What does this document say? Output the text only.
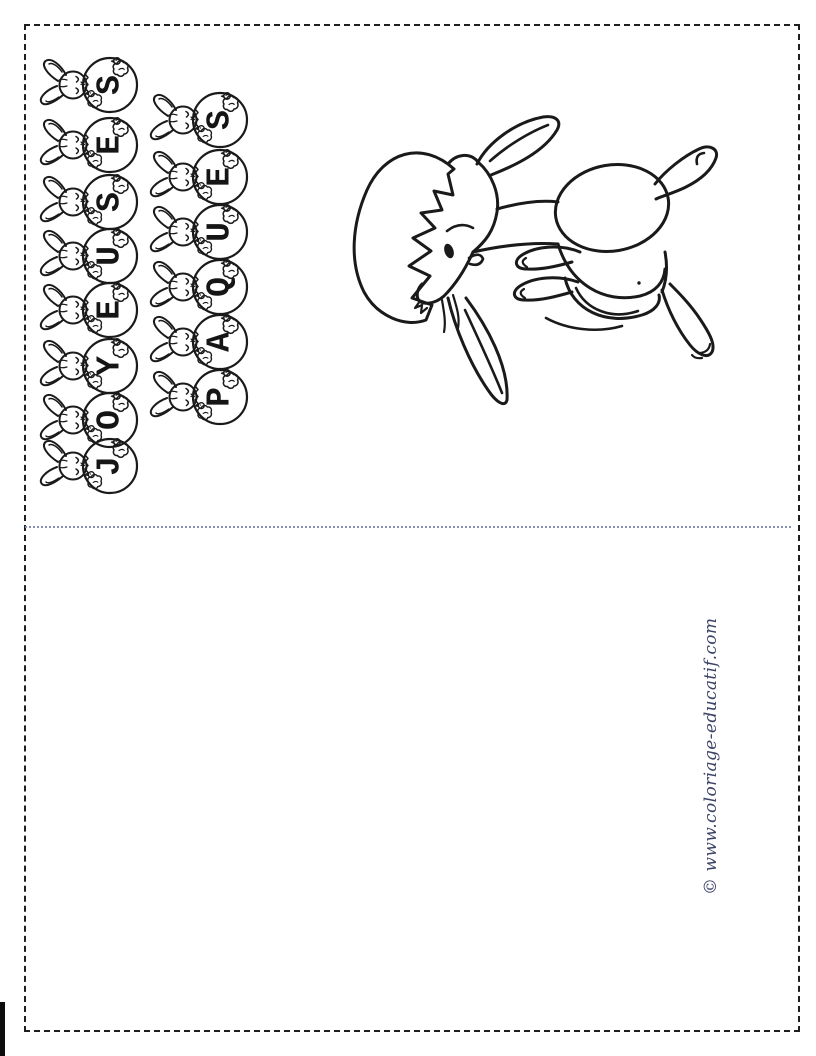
S
E
S
U
E
Y
O
J
S
E
U
Q
A
P
©www.coloriage-educatif.com
